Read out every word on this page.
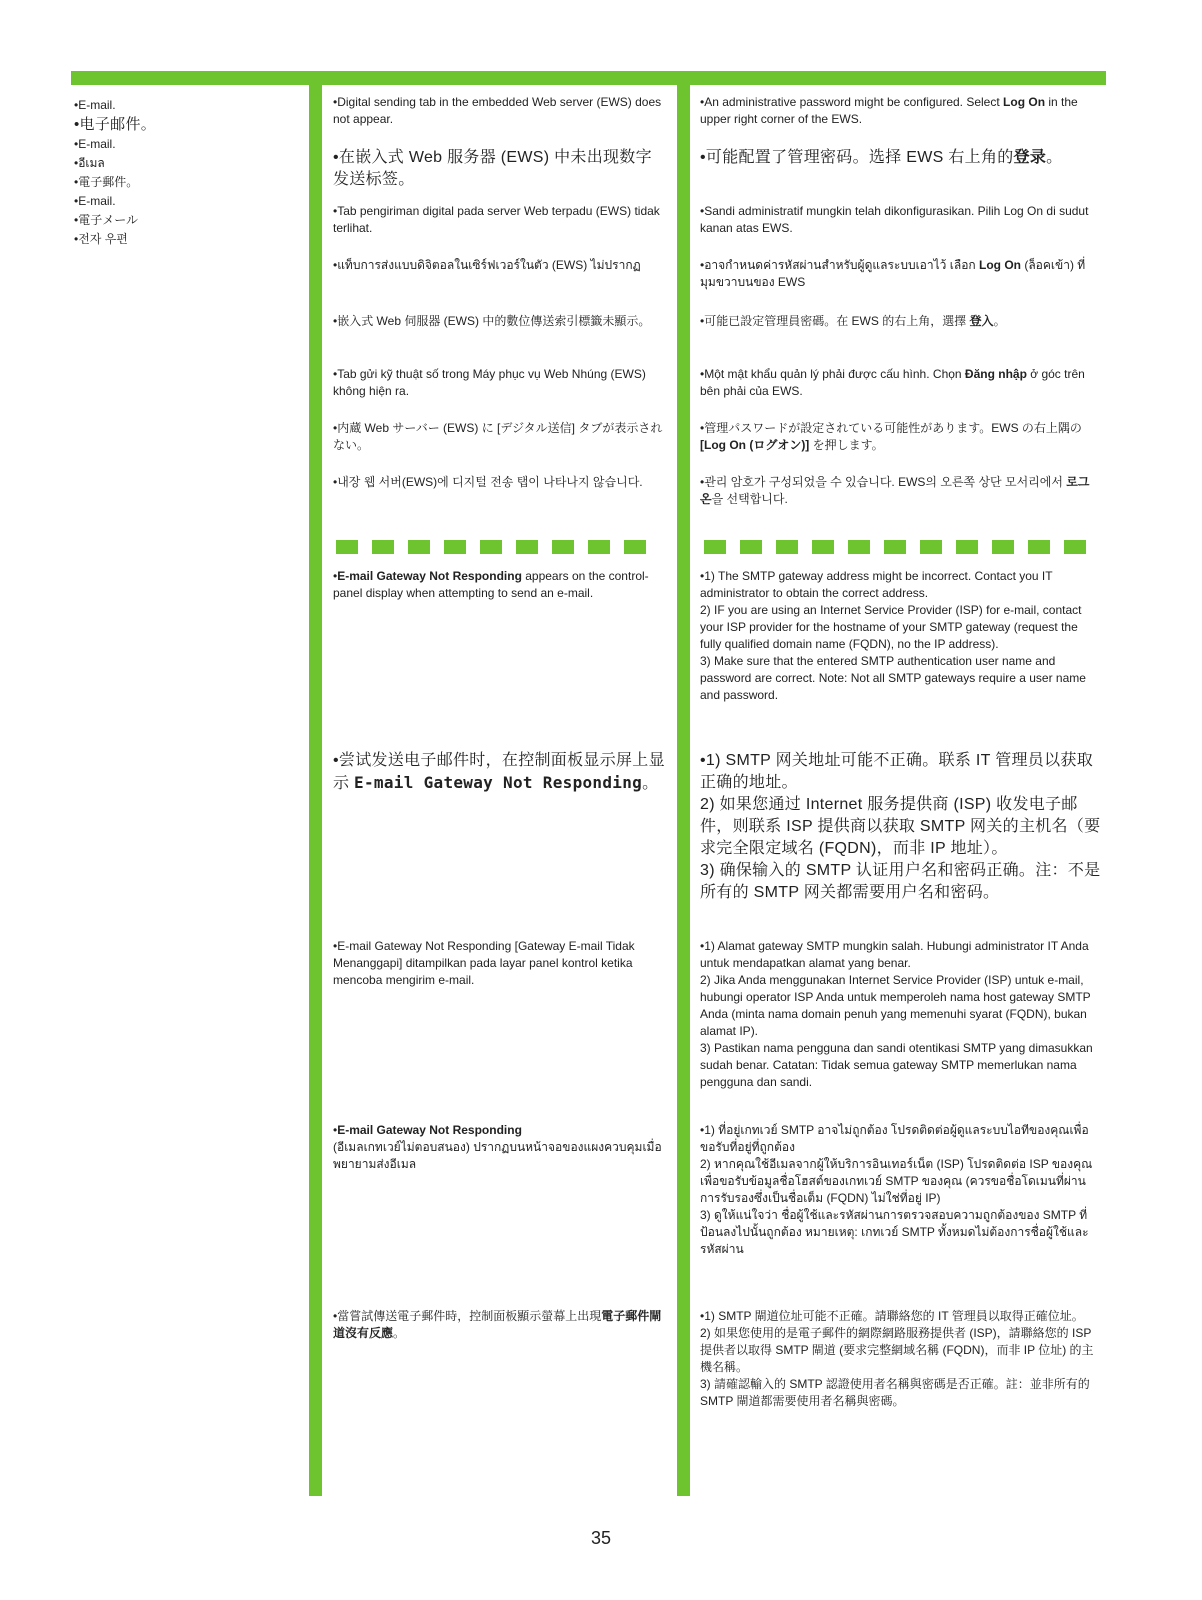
•E-mail.
•电子邮件。
•E-mail.
•อีเมล
•電子郵件。
•E-mail.
•電子メール
•전자 우편
•Digital sending tab in the embedded Web server (EWS) does not appear.
•在嵌入式 Web 服务器 (EWS) 中未出现数字发送标签。
•Tab pengiriman digital pada server Web terpadu (EWS) tidak terlihat.
•แท็บการส่งแบบดิจิตอลในเซิร์ฟเวอร์ในตัว (EWS) ไม่ปรากฏ
•嵌入式 Web 伺服器 (EWS) 中的數位傳送索引標籤未顯示。
•Tab gửi kỹ thuật số trong Máy phục vụ Web Nhúng (EWS) không hiện ra.
•内蔵 Web サーバー (EWS) に [デジタル送信] タブが表示されない。
•내장 웹 서버(EWS)에 디지털 전송 탭이 나타나지 않습니다.
•An administrative password might be configured. Select Log On in the upper right corner of the EWS.
•可能配置了管理密码。选择 EWS 右上角的登录。
•Sandi administratif mungkin telah dikonfigurasikan. Pilih Log On di sudut kanan atas EWS.
•อาจกำหนดค่ารหัสผ่านสำหรับผู้ดูแลระบบเอาไว้ เลือก Log On (ล็อคเข้า) ที่มุมขวาบนของ EWS
•可能已設定管理員密碼。在 EWS 的右上角，選擇 登入。
•Một mật khẩu quản lý phải được cấu hình. Chọn Đăng nhập ở góc trên bên phải của EWS.
•管理パスワードが設定されている可能性があります。EWS の右上隅の [Log On (ログオン)] を押します。
•관리 암호가 구성되었을 수 있습니다. EWS의 오른쪽 상단 모서리에서 로그온을 선택합니다.
•E-mail Gateway Not Responding appears on the control-panel display when attempting to send an e-mail.
•尝试发送电子邮件时，在控制面板显示屏上显示 E-mail Gateway Not Responding。
•E-mail Gateway Not Responding [Gateway E-mail Tidak Menanggapi] ditampilkan pada layar panel kontrol ketika mencoba mengirim e-mail.
•E-mail Gateway Not Responding
(อีเมลเกทเวย์ไม่ตอบสนอง) ปรากฏบนหน้าจอของแผงควบคุมเมื่อพยายามส่งอีเมล
•當嘗試傳送電子郵件時，控制面板顯示螢幕上出現電子郵件閘道沒有反應。
•1) The SMTP gateway address might be incorrect. Contact you IT administrator to obtain the correct address.
2) IF you are using an Internet Service Provider (ISP) for e-mail, contact your ISP provider for the hostname of your SMTP gateway (request the fully qualified domain name (FQDN), no the IP address).
3) Make sure that the entered SMTP authentication user name and password are correct. Note: Not all SMTP gateways require a user name and password.
•1) SMTP 网关地址可能不正确。联系 IT 管理员以获取正确的地址。
2) 如果您通过 Internet 服务提供商 (ISP) 收发电子邮件，则联系 ISP 提供商以获取 SMTP 网关的主机名（要求完全限定域名 (FQDN)，而非 IP 地址）。
3) 确保输入的 SMTP 认证用户名和密码正确。注：不是所有的 SMTP 网关都需要用户名和密码。
•1) Alamat gateway SMTP mungkin salah. Hubungi administrator IT Anda untuk mendapatkan alamat yang benar.
2) Jika Anda menggunakan Internet Service Provider (ISP) untuk e-mail, hubungi operator ISP Anda untuk memperoleh nama host gateway SMTP Anda (minta nama domain penuh yang memenuhi syarat (FQDN), bukan alamat IP).
3) Pastikan nama pengguna dan sandi otentikasi SMTP yang dimasukkan sudah benar. Catatan: Tidak semua gateway SMTP memerlukan nama pengguna dan sandi.
•1) ที่อยู่เกทเวย์ SMTP อาจไม่ถูกต้อง โปรดติดต่อผู้ดูแลระบบไอทีของคุณเพื่อขอรับที่อยู่ที่ถูกต้อง
2) หากคุณใช้อีเมลจากผู้ให้บริการอินเทอร์เน็ต (ISP) โปรดติดต่อ ISP ของคุณเพื่อขอรับข้อมูลชื่อโฮสต์ของเกทเวย์ SMTP ของคุณ (ควรขอชื่อโดเมนที่ผ่านการรับรองซึ่งเป็นชื่อเต็ม (FQDN) ไม่ใช่ที่อยู่ IP)
3) ดูให้แน่ใจว่า ชื่อผู้ใช้และรหัสผ่านการตรวจสอบความถูกต้องของ SMTP ที่ป้อนลงไปนั้นถูกต้อง หมายเหตุ: เกทเวย์ SMTP ทั้งหมดไม่ต้องการชื่อผู้ใช้และรหัสผ่าน
•1) SMTP 閘道位址可能不正確。請聯絡您的 IT 管理員以取得正確位址。
2) 如果您使用的是電子郵件的網際網路服務提供者 (ISP)，請聯絡您的 ISP 提供者以取得 SMTP 閘道 (要求完整網域名稱 (FQDN)，而非 IP 位址) 的主機名稱。
3) 請確認輸入的 SMTP 認證使用者名稱與密碼是否正確。註：並非所有的 SMTP 閘道都需要使用者名稱與密碼。
35
